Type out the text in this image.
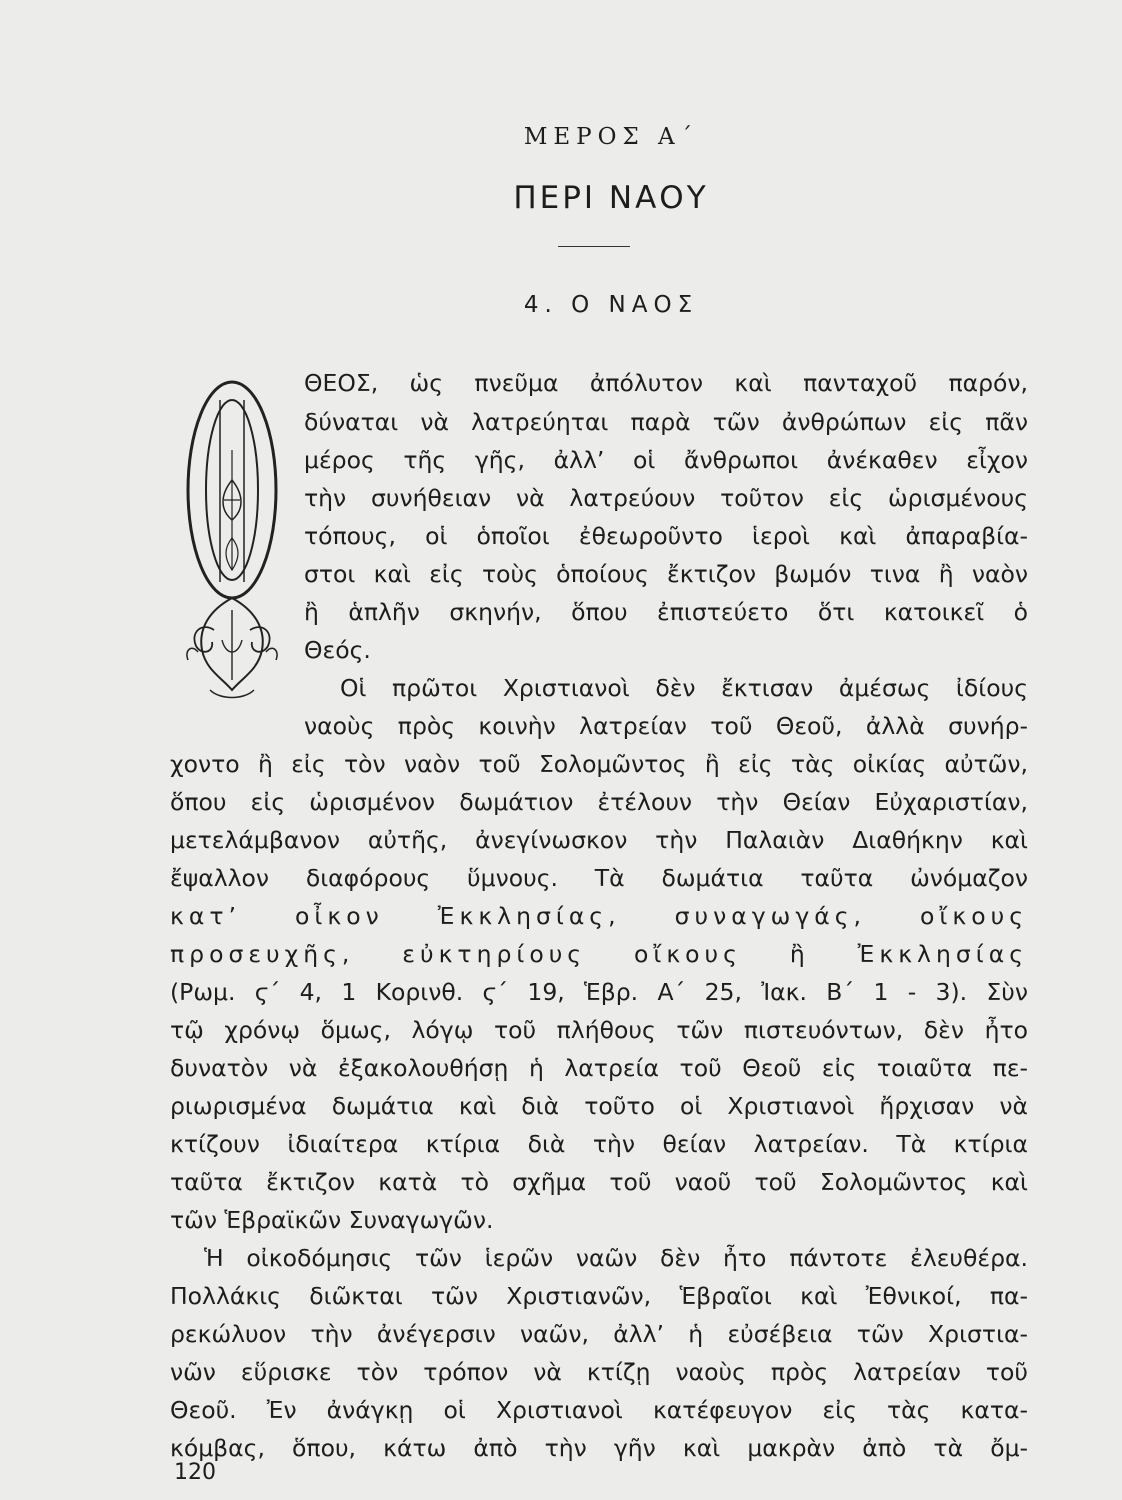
ΜΕΡΟΣ Α΄
ΠΕΡΙ ΝΑΟΥ
4. Ο ΝΑΟΣ
Ο	ΘΕΟΣ, ὡς πνεῦμα ἀπόλυτον καὶ πανταχοῦ παρόν,
δύναται νὰ λατρεύηται παρὰ τῶν ἀνθρώπων εἰς πᾶν
μέρος τῆς γῆς, ἀλλ’ οἱ ἄνθρωποι ἀνέκαθεν εἶχον
τὴν συνήθειαν νὰ λατρεύουν τοῦτον εἰς ὡρισμένους
τόπους, οἱ ὁποῖοι ἐθεωροῦντο ἱεροὶ καὶ ἀπαραβία-
στοι καὶ εἰς τοὺς ὁποίους ἔκτιζον βωμόν τινα ἢ ναὸν
ἢ ἁπλῆν σκηνήν, ὅπου ἐπιστεύετο ὅτι κατοικεῖ ὁ
Θεός.
Οἱ πρῶτοι Χριστιανοὶ δὲν ἔκτισαν ἀμέσως ἰδίους
ναοὺς πρὸς κοινὴν λατρείαν τοῦ Θεοῦ, ἀλλὰ συνήρ-
χοντο ἢ εἰς τὸν ναὸν τοῦ Σολομῶντος ἢ εἰς τὰς οἰκίας αὐτῶν,
ὅπου εἰς ὡρισμένον δωμάτιον ἐτέλουν τὴν Θείαν Εὐχαριστίαν,
μετελάμβανον αὐτῆς, ἀνεγίνωσκον τὴν Παλαιὰν Διαθήκην καὶ
ἔψαλλον διαφόρους ὕμνους. Τὰ δωμάτια ταῦτα ὠνόμαζον
κατ’ οἶκον Ἐκκλησίας, συναγωγάς, οἴκους
προσευχῆς, εὐκτηρίους οἴκους ἢ Ἐκκλησίας
(Ρωμ. ϛ΄ 4, 1 Κορινθ. ϛ΄ 19, Ἑβρ. Α΄ 25, Ἰακ. Β΄ 1 - 3). Σὺν
τῷ χρόνῳ ὅμως, λόγῳ τοῦ πλήθους τῶν πιστευόντων, δὲν ἦτο
δυνατὸν νὰ ἐξακολουθήσῃ ἡ λατρεία τοῦ Θεοῦ εἰς τοιαῦτα πε-
ριωρισμένα δωμάτια καὶ διὰ τοῦτο οἱ Χριστιανοὶ ἤρχισαν νὰ
κτίζουν ἰδιαίτερα κτίρια διὰ τὴν θείαν λατρείαν. Τὰ κτίρια
ταῦτα ἔκτιζον κατὰ τὸ σχῆμα τοῦ ναοῦ τοῦ Σολομῶντος καὶ
τῶν Ἑβραϊκῶν Συναγωγῶν.
Ἡ οἰκοδόμησις τῶν ἱερῶν ναῶν δὲν ἦτο πάντοτε ἐλευθέρα.
Πολλάκις διῶκται τῶν Χριστιανῶν, Ἑβραῖοι καὶ Ἐθνικοί, πα-
ρεκώλυον τὴν ἀνέγερσιν ναῶν, ἀλλ’ ἡ εὐσέβεια τῶν Χριστια-
νῶν εὕρισκε τὸν τρόπον νὰ κτίζῃ ναοὺς πρὸς λατρείαν τοῦ
Θεοῦ. Ἐν ἀνάγκῃ οἱ Χριστιανοὶ κατέφευγον εἰς τὰς κατα-
κόμβας, ὅπου, κάτω ἀπὸ τὴν γῆν καὶ μακρὰν ἀπὸ τὰ ὄμ-
120
